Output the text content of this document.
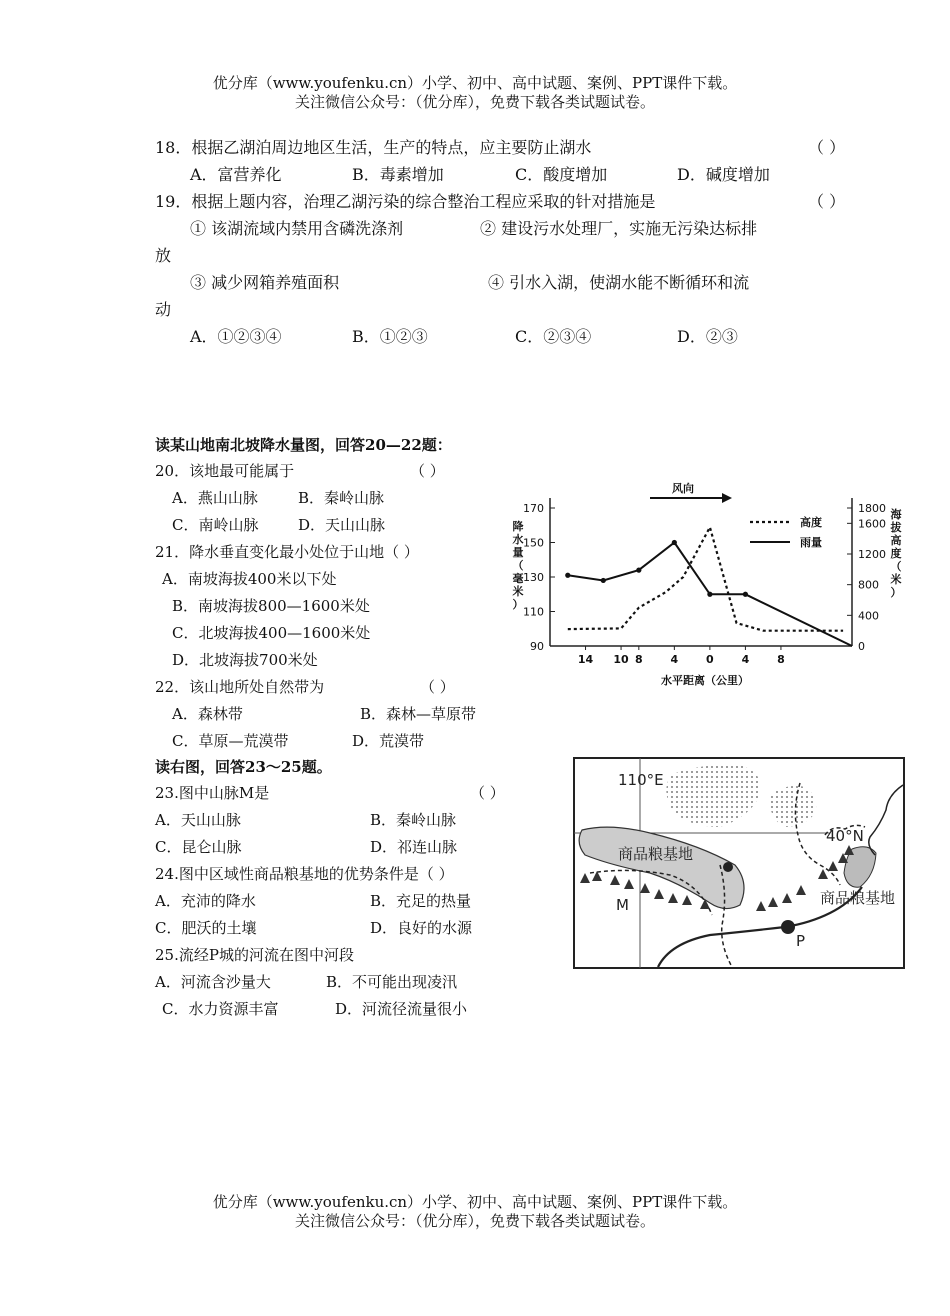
优分库（www.youfenku.cn）小学、初中、高中试题、案例、PPT课件下载。
关注微信公众号：（优分库），免费下载各类试题试卷。
18．根据乙湖泊周边地区生活，生产的特点，应主要防止湖水	（ ）
A．富营养化	B．毒素增加	C．酸度增加	D．碱度增加
19．根据上题内容，治理乙湖污染的综合整治工程应采取的针对措施是	（ ）
① 该湖流域内禁用含磷洗涤剂	② 建设污水处理厂，实施无污染达标排
放
③ 减少网箱养殖面积	④ 引水入湖，使湖水能不断循环和流
动
A．①②③④	B．①②③	C．②③④	D．②③
读某山地南北坡降水量图，回答20—22题：
20．该地最可能属于	（ ）
A．燕山山脉	B．秦岭山脉
C．南岭山脉	D．天山山脉
21．降水垂直变化最小处位于山地（ ）
A．南坡海拔400米以下处
B．南坡海拔800—1600米处
C．北坡海拔400—1600米处
D．北坡海拔700米处
22．该山地所处自然带为	（ ）
A．森林带	B．森林—草原带
C．草原—荒漠带	D．荒漠带
读右图，回答23～25题。
23.图中山脉M是	（ ）
A．天山山脉	B．秦岭山脉
C．昆仑山脉	D．祁连山脉
24.图中区域性商品粮基地的优势条件是（ ）
A．充沛的降水	B．充足的热量
C．肥沃的土壤	D．良好的水源
25.流经P城的河流在图中河段
A．河流含沙量大	B．不可能出现凌汛
C．水力资源丰富	D．河流径流量很小
90
110
130
150
170
0
400
800
1200
1600
1800
14 10 8	4	0	4	8
水平距离（公里）
降
水
量
（
毫
米
）
海
拔
高
度
（
米
）
风向
高度
雨量
商品粮基地
商品粮基地
P
M
110°E
40°N
优分库（www.youfenku.cn）小学、初中、高中试题、案例、PPT课件下载。
关注微信公众号：（优分库），免费下载各类试题试卷。
